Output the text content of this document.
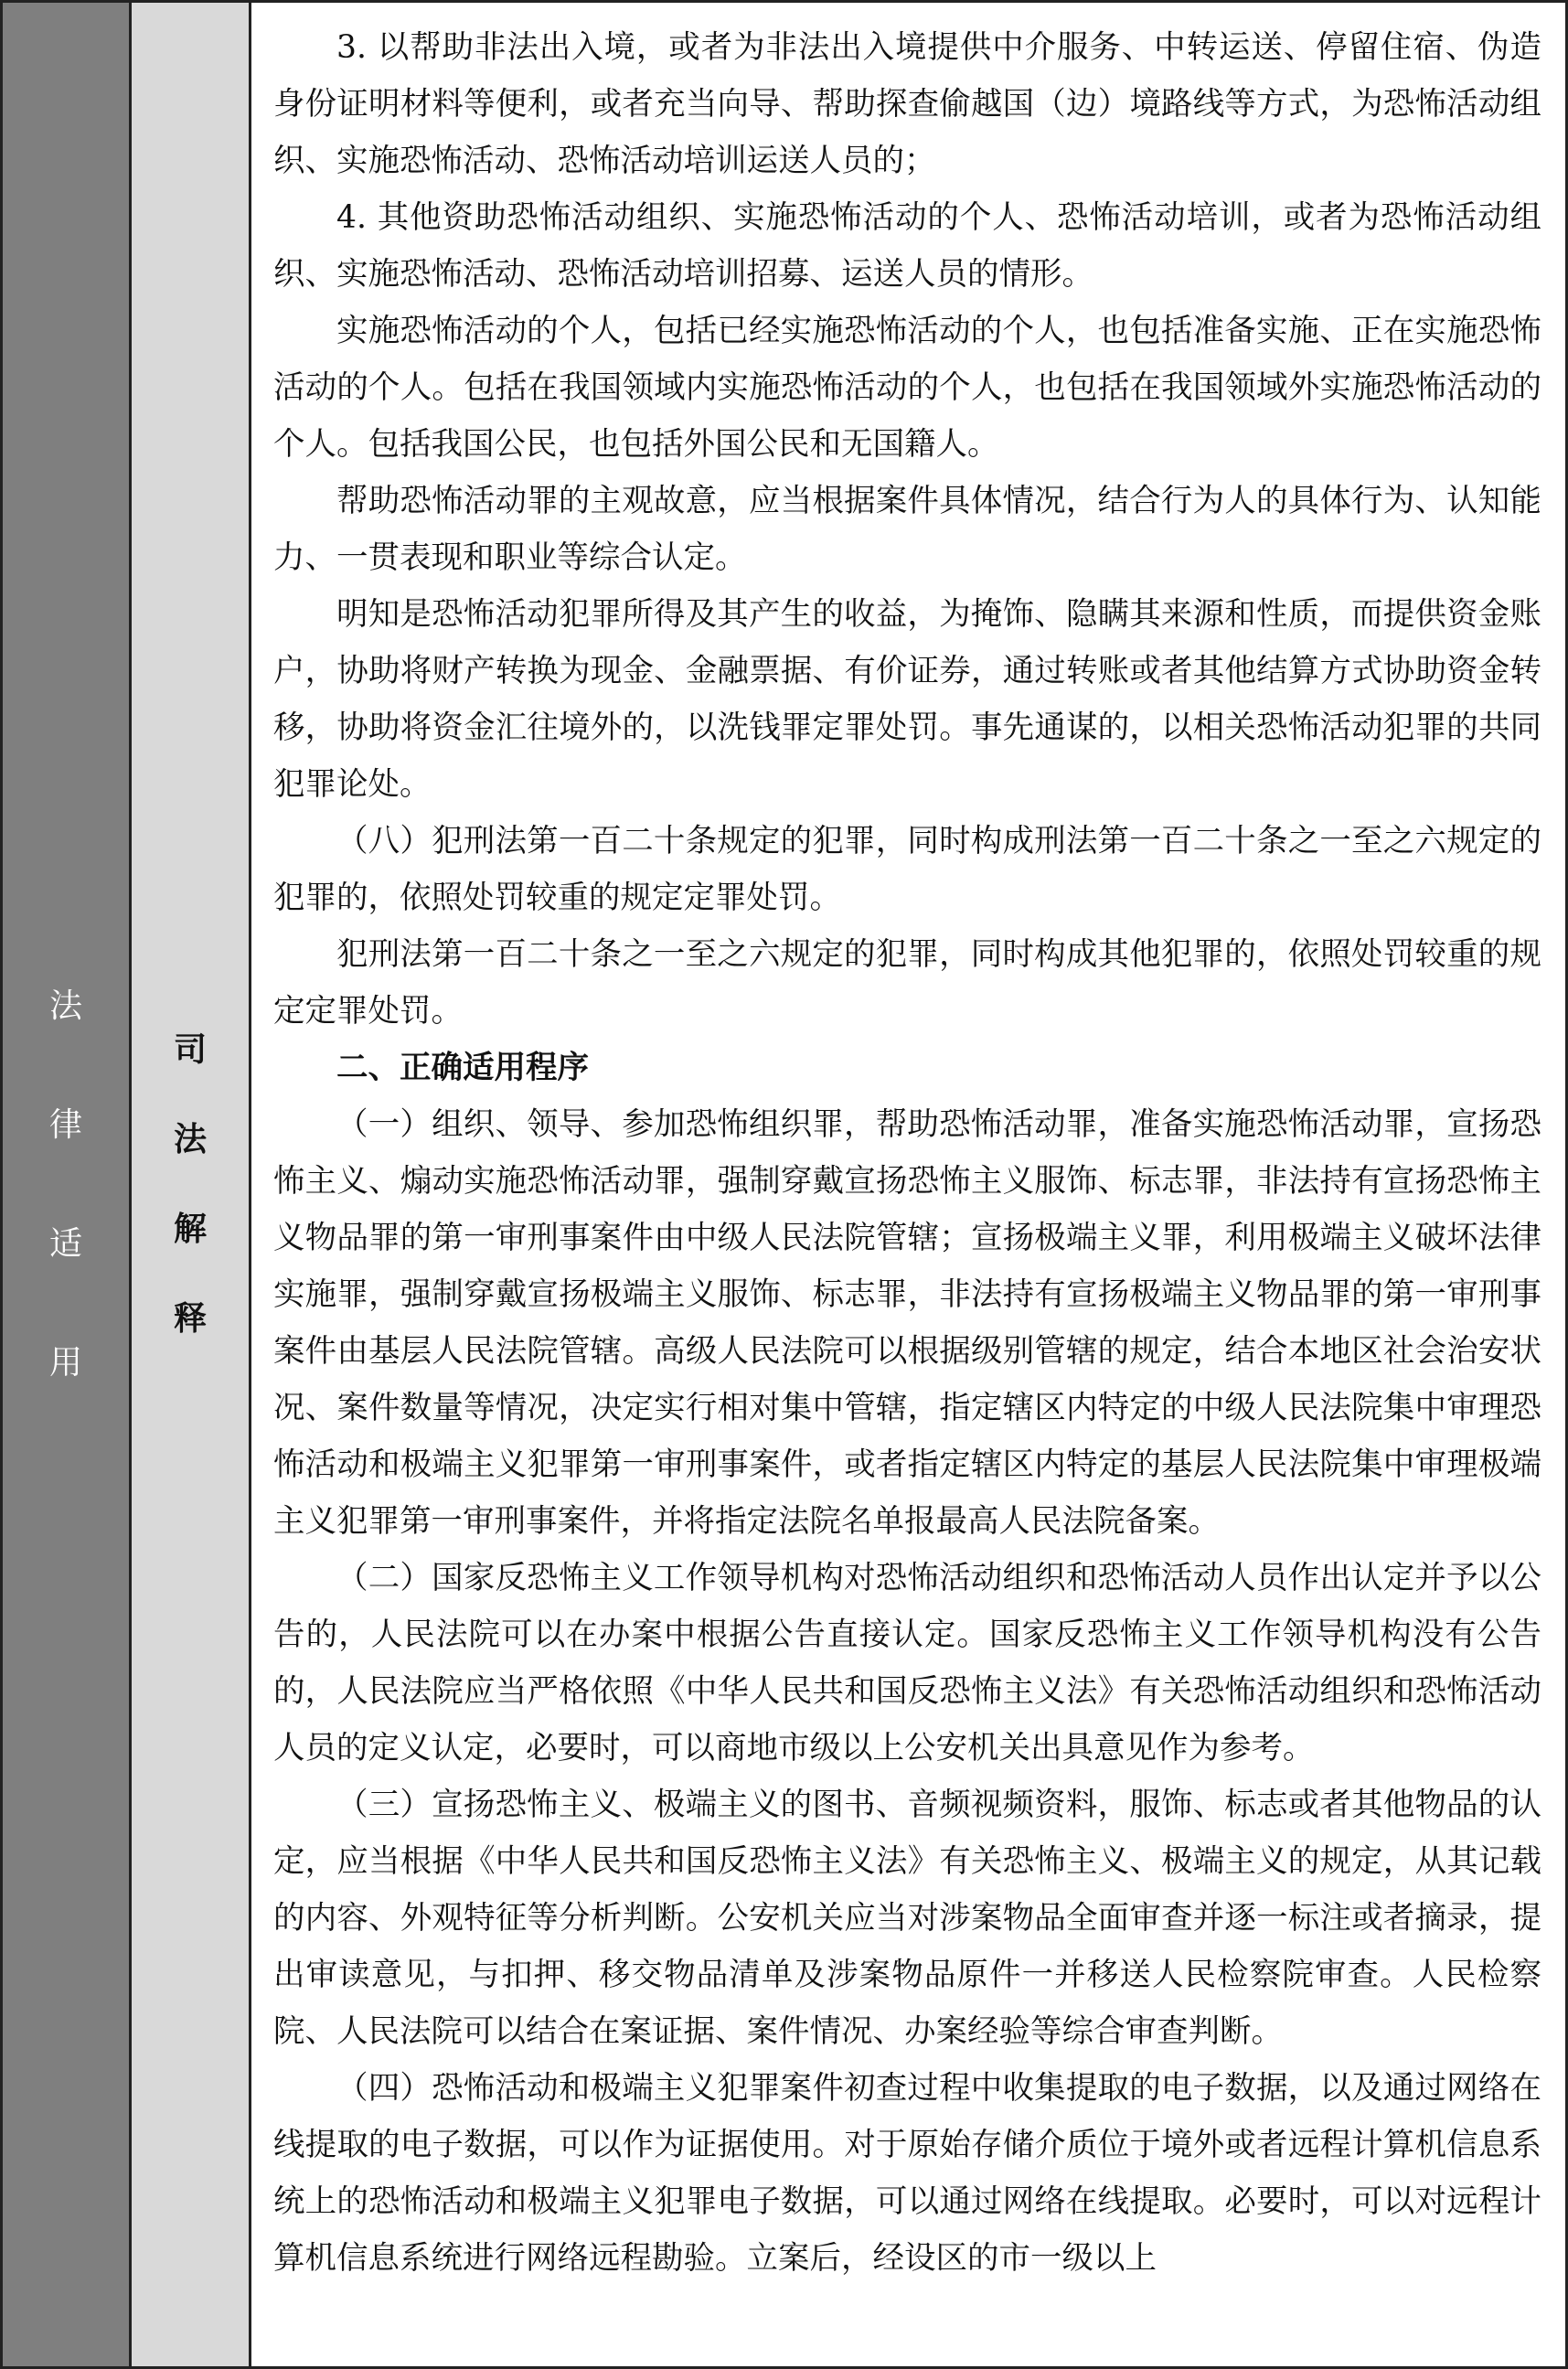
法
律
适
用
司
法
解
释

3. 以帮助非法出入境，或者为非法出入境提供中介服务、中转运送、停留住宿、伪造身份证明材料等便利，或者充当向导、帮助探查偷越国（边）境路线等方式，为恐怖活动组织、实施恐怖活动、恐怖活动培训运送人员的；

4. 其他资助恐怖活动组织、实施恐怖活动的个人、恐怖活动培训，或者为恐怖活动组织、实施恐怖活动、恐怖活动培训招募、运送人员的情形。

实施恐怖活动的个人，包括已经实施恐怖活动的个人，也包括准备实施、正在实施恐怖活动的个人。包括在我国领域内实施恐怖活动的个人，也包括在我国领域外实施恐怖活动的个人。包括我国公民，也包括外国公民和无国籍人。

帮助恐怖活动罪的主观故意，应当根据案件具体情况，结合行为人的具体行为、认知能力、一贯表现和职业等综合认定。

明知是恐怖活动犯罪所得及其产生的收益，为掩饰、隐瞒其来源和性质，而提供资金账户，协助将财产转换为现金、金融票据、有价证券，通过转账或者其他结算方式协助资金转移，协助将资金汇往境外的，以洗钱罪定罪处罚。事先通谋的，以相关恐怖活动犯罪的共同犯罪论处。

（八）犯刑法第一百二十条规定的犯罪，同时构成刑法第一百二十条之一至之六规定的犯罪的，依照处罚较重的规定定罪处罚。

犯刑法第一百二十条之一至之六规定的犯罪，同时构成其他犯罪的，依照处罚较重的规定定罪处罚。

二、正确适用程序

（一）组织、领导、参加恐怖组织罪，帮助恐怖活动罪，准备实施恐怖活动罪，宣扬恐怖主义、煽动实施恐怖活动罪，强制穿戴宣扬恐怖主义服饰、标志罪，非法持有宣扬恐怖主义物品罪的第一审刑事案件由中级人民法院管辖；宣扬极端主义罪，利用极端主义破坏法律实施罪，强制穿戴宣扬极端主义服饰、标志罪，非法持有宣扬极端主义物品罪的第一审刑事案件由基层人民法院管辖。高级人民法院可以根据级别管辖的规定，结合本地区社会治安状况、案件数量等情况，决定实行相对集中管辖，指定辖区内特定的中级人民法院集中审理恐怖活动和极端主义犯罪第一审刑事案件，或者指定辖区内特定的基层人民法院集中审理极端主义犯罪第一审刑事案件，并将指定法院名单报最高人民法院备案。

（二）国家反恐怖主义工作领导机构对恐怖活动组织和恐怖活动人员作出认定并予以公告的，人民法院可以在办案中根据公告直接认定。国家反恐怖主义工作领导机构没有公告的，人民法院应当严格依照《中华人民共和国反恐怖主义法》有关恐怖活动组织和恐怖活动人员的定义认定，必要时，可以商地市级以上公安机关出具意见作为参考。

（三）宣扬恐怖主义、极端主义的图书、音频视频资料，服饰、标志或者其他物品的认定，应当根据《中华人民共和国反恐怖主义法》有关恐怖主义、极端主义的规定，从其记载的内容、外观特征等分析判断。公安机关应当对涉案物品全面审查并逐一标注或者摘录，提出审读意见，与扣押、移交物品清单及涉案物品原件一并移送人民检察院审查。人民检察院、人民法院可以结合在案证据、案件情况、办案经验等综合审查判断。

（四）恐怖活动和极端主义犯罪案件初查过程中收集提取的电子数据，以及通过网络在线提取的电子数据，可以作为证据使用。对于原始存储介质位于境外或者远程计算机信息系统上的恐怖活动和极端主义犯罪电子数据，可以通过网络在线提取。必要时，可以对远程计算机信息系统进行网络远程勘验。立案后，经设区的市一级以上
